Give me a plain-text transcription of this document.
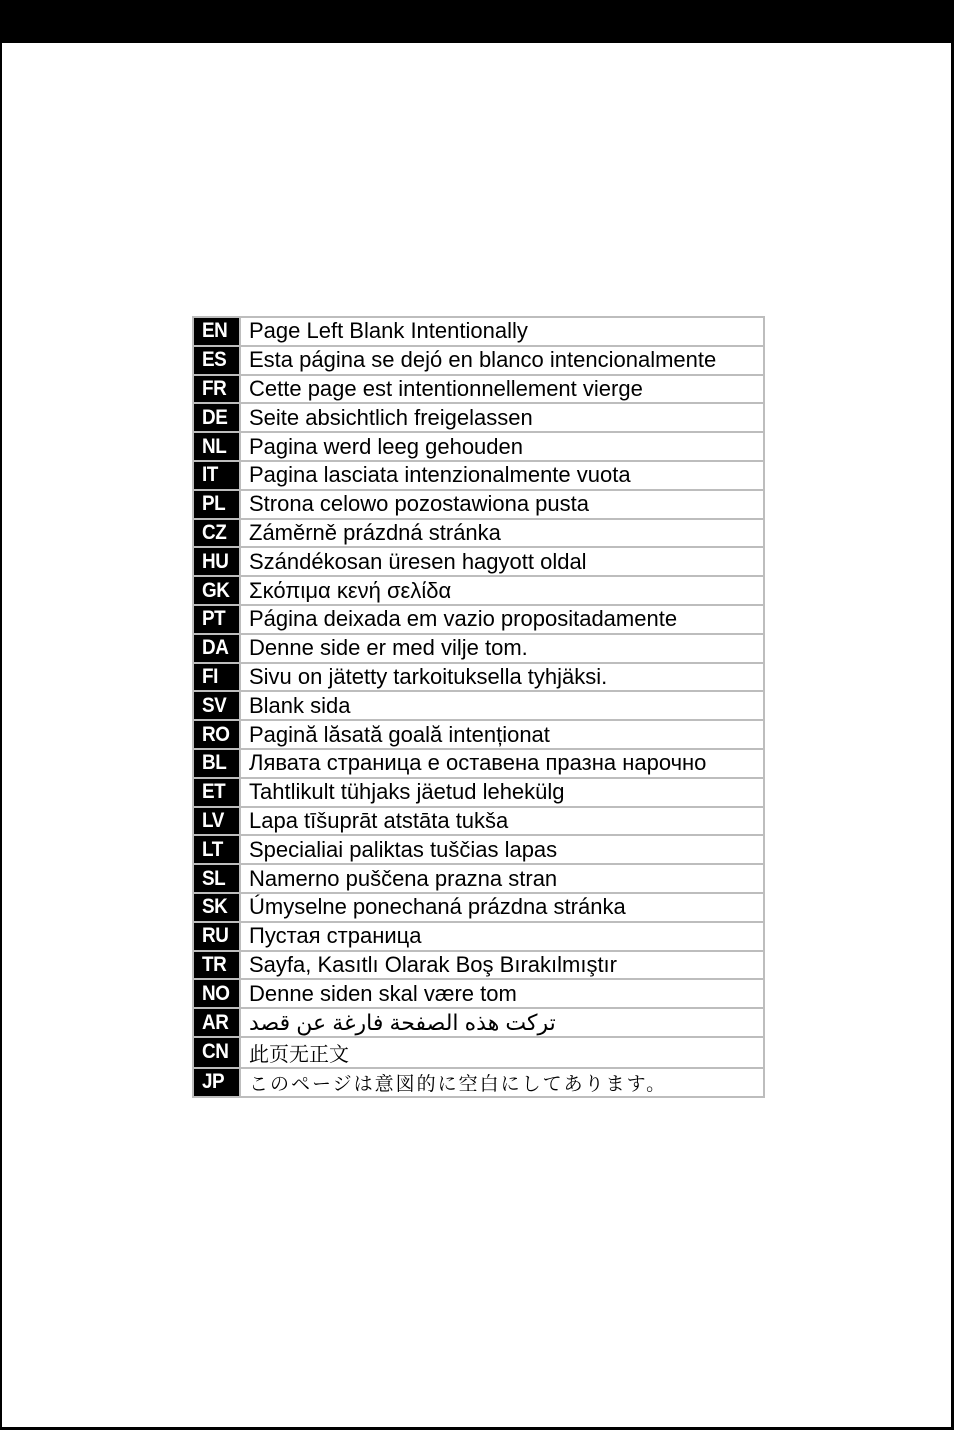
EN	Page Left Blank Intentionally
ES	Esta página se dejó en blanco intencionalmente
FR	Cette page est intentionnellement vierge
DE	Seite absichtlich freigelassen
NL	Pagina werd leeg gehouden
IT	Pagina lasciata intenzionalmente vuota
PL	Strona celowo pozostawiona pusta
CZ	Záměrně prázdná stránka
HU	Szándékosan üresen hagyott oldal
GK	Σκόπιμα κενή σελίδα
PT	Página deixada em vazio propositadamente
DA	Denne side er med vilje tom.
FI	Sivu on jätetty tarkoituksella tyhjäksi.
SV	Blank sida
RO	Pagină lăsată goală intenționat
BL	Лявата страница е оставена празна нарочно
ET	Tahtlikult tühjaks jäetud lehekülg
LV	Lapa tīšuprāt atstāta tukša
LT	Specialiai paliktas tuščias lapas
SL	Namerno puščena prazna stran
SK	Úmyselne ponechaná prázdna stránka
RU	Пустая страница
TR	Sayfa, Kasıtlı Olarak Boş Bırakılmıştır
NO	Denne siden skal være tom
AR	تركت هذه الصفحة فارغة عن قصد
CN	此页无正文
JP	このページは意図的に空白にしてあります。
